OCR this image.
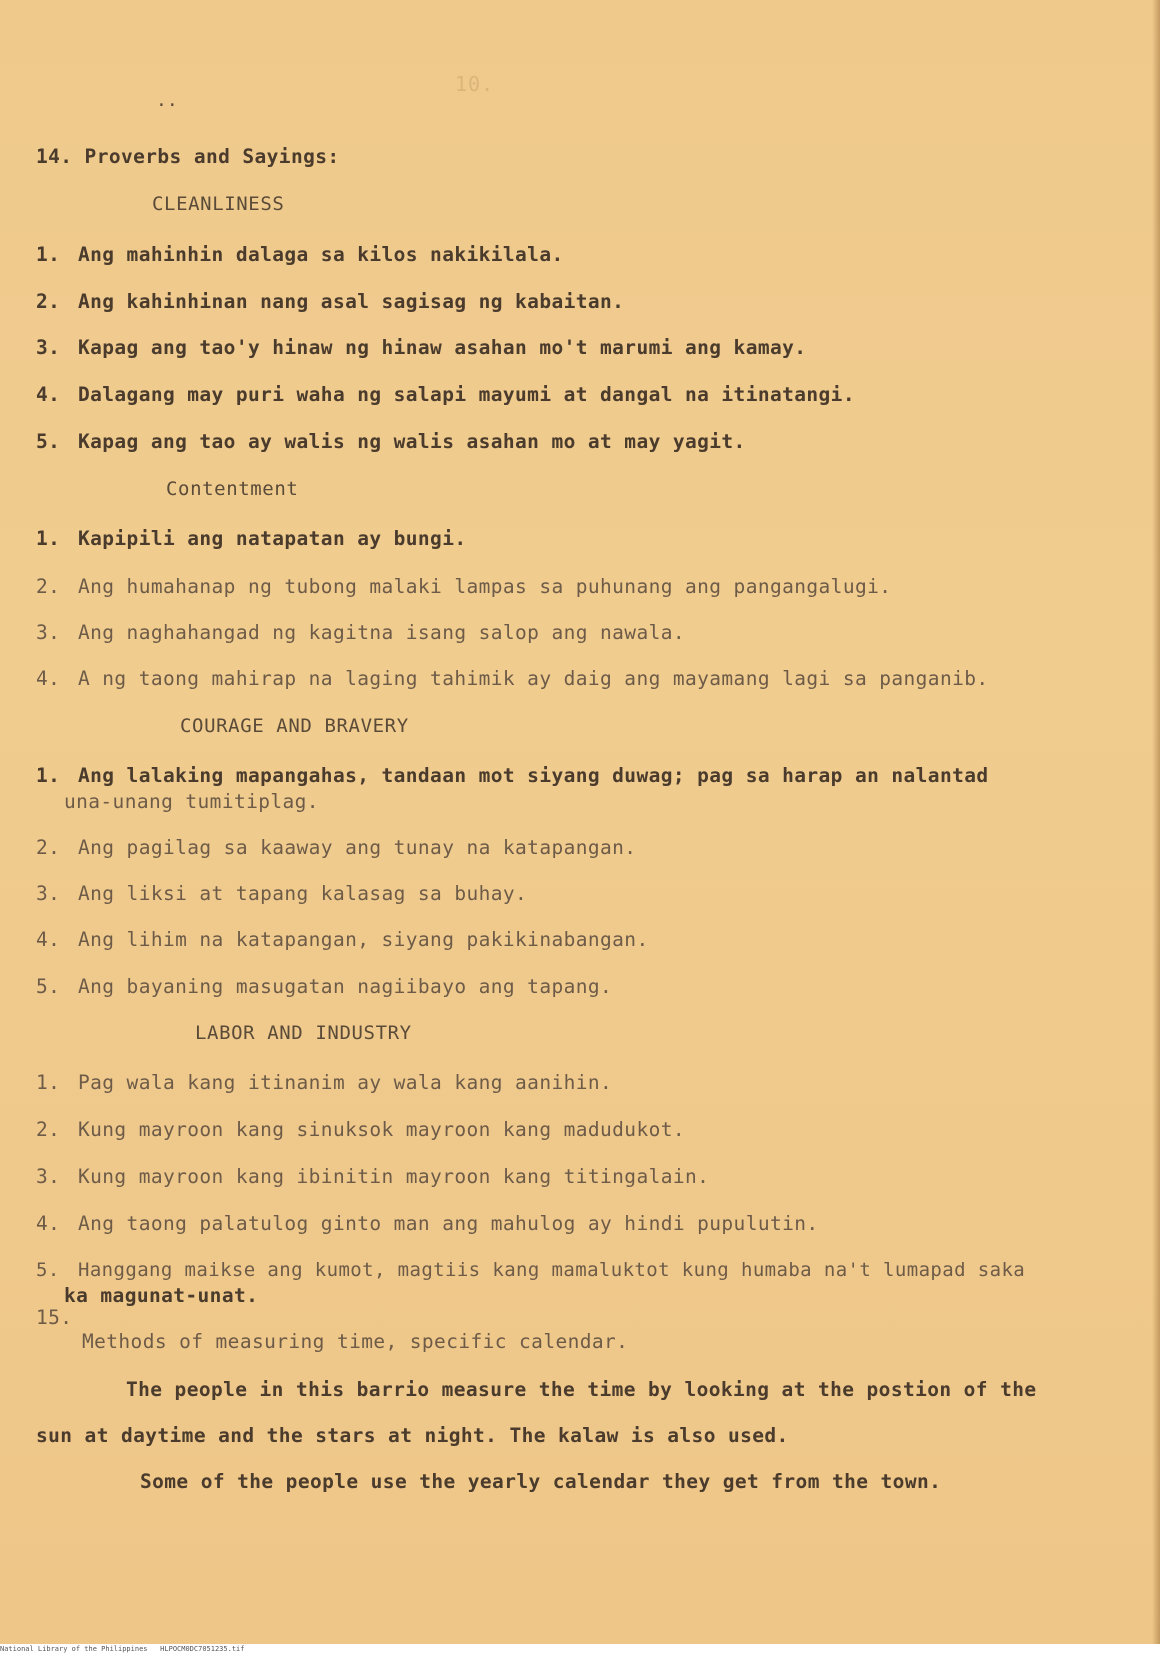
10.
..
14. Proverbs and Sayings:
CLEANLINESS
1. Ang mahinhin dalaga sa kilos nakikilala.
2. Ang kahinhinan nang asal sagisag ng kabaitan.
3. Kapag ang tao'y hinaw ng hinaw asahan mo't marumi ang kamay.
4. Dalagang may puri waha ng salapi mayumi at dangal na itinatangi.
5. Kapag ang tao ay walis ng walis asahan mo at may yagit.
Contentment
1. Kapipili ang natapatan ay bungi.
2. Ang humahanap ng tubong malaki lampas sa puhunang ang pangangalugi.
3. Ang naghahangad ng kagitna isang salop ang nawala.
4. A ng taong mahirap na laging tahimik ay daig ang mayamang lagi sa panganib.
COURAGE AND BRAVERY
1. Ang lalaking mapangahas, tandaan mot siyang duwag; pag sa harap an nalantad
una-unang tumitiplag.
2. Ang pagilag sa kaaway ang tunay na katapangan.
3. Ang liksi at tapang kalasag sa buhay.
4. Ang lihim na katapangan, siyang pakikinabangan.
5. Ang bayaning masugatan nagiibayo ang tapang.
LABOR AND INDUSTRY
1. Pag wala kang itinanim ay wala kang aanihin.
2. Kung mayroon kang sinuksok mayroon kang madudukot.
3. Kung mayroon kang ibinitin mayroon kang titingalain.
4. Ang taong palatulog ginto man ang mahulog ay hindi pupulutin.
5. Hanggang maikse ang kumot, magtiis kang mamaluktot kung humaba na't lumapad saka
ka magunat-unat.
15.
Methods of measuring time, specific calendar.
The people in this barrio measure the time by looking at the postion of the
sun at daytime and the stars at night. The kalaw is also used.
Some of the people use the yearly calendar they get from the town.
National Library of the Philippines HLPOCM0DC7051235.tif
